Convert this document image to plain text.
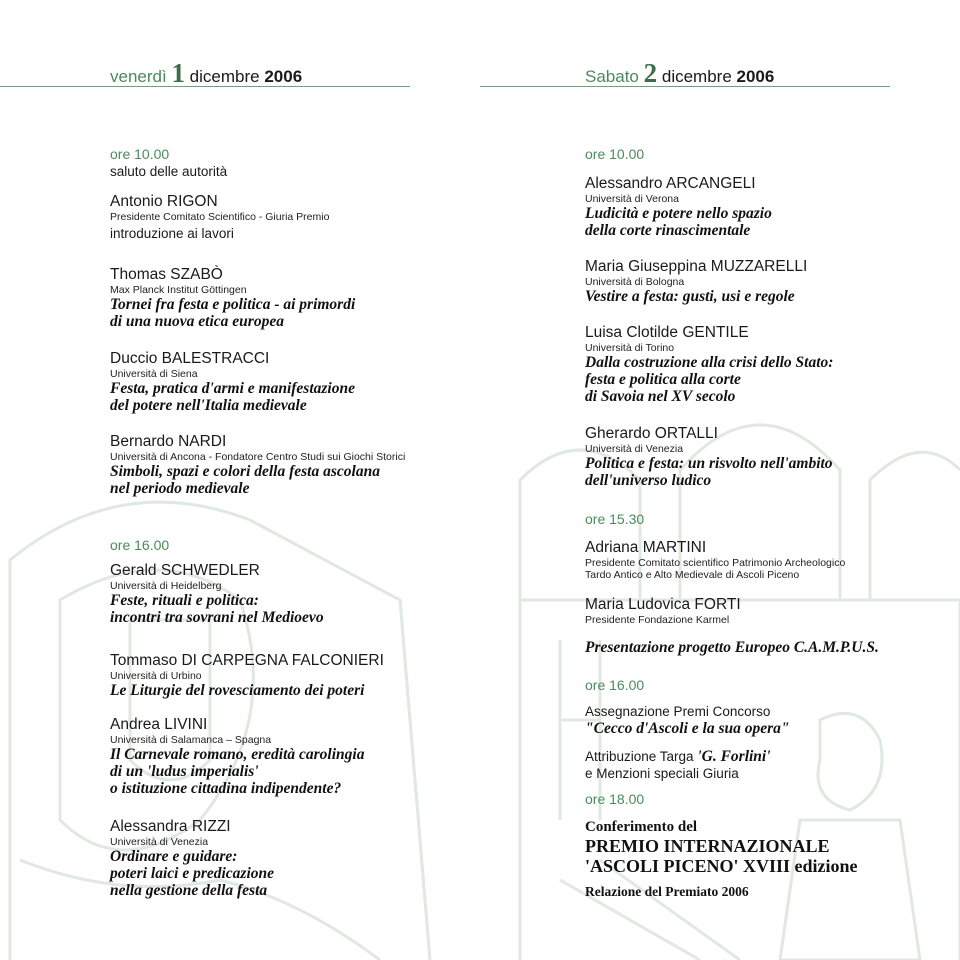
venerdì 1 dicembre 2006
ore 10.00
saluto delle autorità
Antonio RIGON
Presidente Comitato Scientifico - Giuria Premio
introduzione ai lavori
Thomas SZABÒ
Max Planck Institut Göttingen
Tornei fra festa e politica - ai primordi
di una nuova etica europea
Duccio BALESTRACCI
Università di Siena
Festa, pratica d'armi e manifestazione
del potere nell'Italia medievale
Bernardo NARDI
Università di Ancona - Fondatore Centro Studi sui Giochi Storici
Simboli, spazi e colori della festa ascolana
nel periodo medievale
ore 16.00
Gerald SCHWEDLER
Università di Heidelberg
Feste, rituali e politica:
incontri tra sovrani nel Medioevo
Tommaso DI CARPEGNA FALCONIERI
Università di Urbino
Le Liturgie del rovesciamento dei poteri
Andrea LIVINI
Università di Salamanca – Spagna
Il Carnevale romano, eredità carolingia
di un 'ludus imperialis'
o istituzione cittadina indipendente?
Alessandra RIZZI
Università di Venezia
Ordinare e guidare:
poteri laici e predicazione
nella gestione della festa
Sabato 2 dicembre 2006
ore 10.00
Alessandro ARCANGELI
Università di Verona
Ludicità e potere nello spazio
della corte rinascimentale
Maria Giuseppina MUZZARELLI
Università di Bologna
Vestire a festa: gusti, usi e regole
Luisa Clotilde GENTILE
Università di Torino
Dalla costruzione alla crisi dello Stato:
festa e politica alla corte
di Savoia nel XV secolo
Gherardo ORTALLI
Università di Venezia
Politica e festa: un risvolto nell'ambito
dell'universo ludico
ore 15.30
Adriana MARTINI
Presidente Comitato scientifico Patrimonio Archeologico
Tardo Antico e Alto Medievale di Ascoli Piceno
Maria Ludovica FORTI
Presidente Fondazione Karmel
Presentazione progetto Europeo C.A.M.P.U.S.
ore 16.00
Assegnazione Premi Concorso
"Cecco d'Ascoli e la sua opera"
Attribuzione Targa 'G. Forlini'
e Menzioni speciali Giuria
ore 18.00
Conferimento del
PREMIO INTERNAZIONALE
'ASCOLI PICENO' XVIII edizione
Relazione del Premiato 2006
